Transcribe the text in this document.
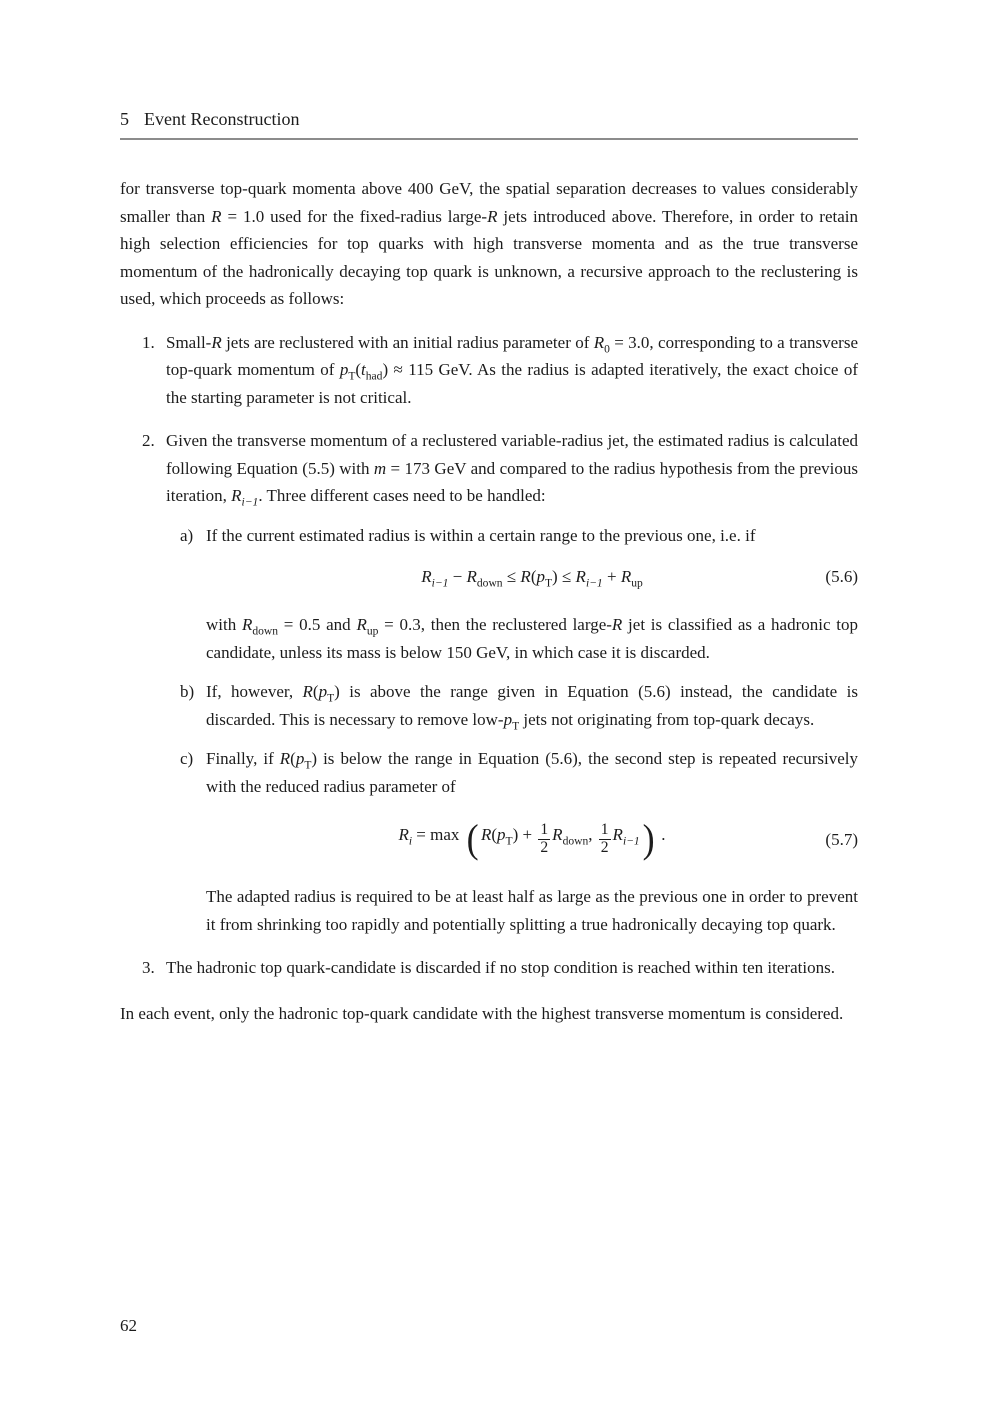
5 Event Reconstruction

for transverse top-quark momenta above 400 GeV, the spatial separation decreases to values considerably smaller than R = 1.0 used for the fixed-radius large-R jets introduced above. Therefore, in order to retain high selection efficiencies for top quarks with high transverse momenta and as the true transverse momentum of the hadronically decaying top quark is unknown, a recursive approach to the reclustering is used, which proceeds as follows:

1. Small-R jets are reclustered with an initial radius parameter of $R_0 = 3.0$, corresponding to a transverse top-quark momentum of $p_T(t_{had}) \approx 115$ GeV. As the radius is adapted iteratively, the exact choice of the starting parameter is not critical.

2. Given the transverse momentum of a reclustered variable-radius jet, the estimated radius is calculated following Equation (5.5) with m = 173 GeV and compared to the radius hypothesis from the previous iteration, $R_{i-1}$. Three different cases need to be handled:

a) If the current estimated radius is within a certain range to the previous one, i.e. if

$R_{i-1} - R_{down} \le R(p_T) \le R_{i-1} + R_{up}$	(5.6)

with $R_{down} = 0.5$ and $R_{up} = 0.3$, then the reclustered large-R jet is classified as a hadronic top candidate, unless its mass is below 150 GeV, in which case it is discarded.

b) If, however, $R(p_T)$ is above the range given in Equation (5.6) instead, the candidate is discarded. This is necessary to remove low-$p_T$ jets not originating from top-quark decays.

c) Finally, if $R(p_T)$ is below the range in Equation (5.6), the second step is repeated recursively with the reduced radius parameter of

$R_i = \max$ ( $R(p_T) + \frac{1}{2} R_{down}$, $\frac{1}{2} R_{i-1}$) .	(5.7)

The adapted radius is required to be at least half as large as the previous one in order to prevent it from shrinking too rapidly and potentially splitting a true hadronically decaying top quark.

3. The hadronic top quark-candidate is discarded if no stop condition is reached within ten iterations.

In each event, only the hadronic top-quark candidate with the highest transverse momentum is considered.

62
